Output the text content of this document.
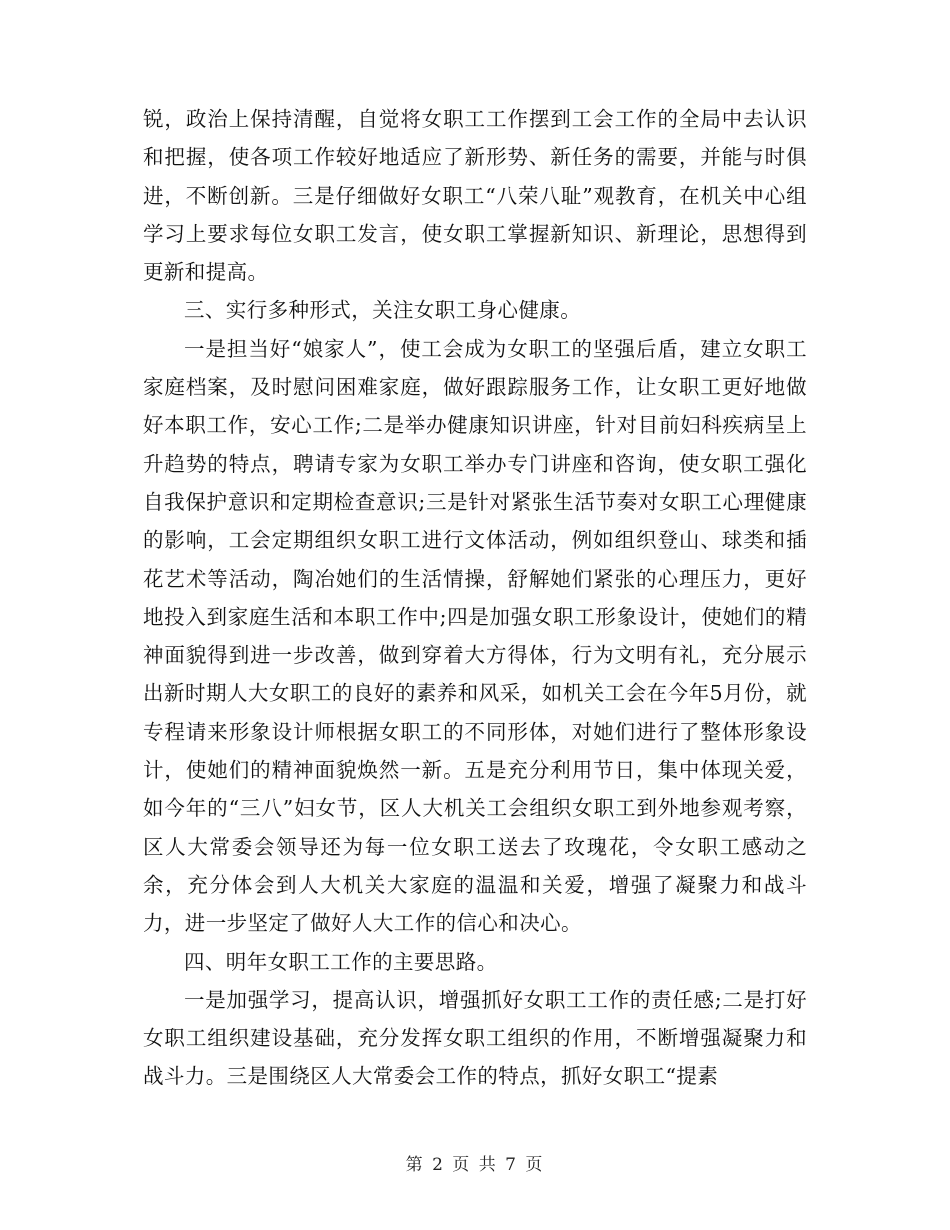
锐，政治上保持清醒，自觉将女职工工作摆到工会工作的全局中去认识和把握，使各项工作较好地适应了新形势、新任务的需要，并能与时俱进，不断创新。三是仔细做好女职工“八荣八耻”观教育，在机关中心组学习上要求每位女职工发言，使女职工掌握新知识、新理论，思想得到更新和提高。

三、实行多种形式，关注女职工身心健康。

一是担当好“娘家人”，使工会成为女职工的坚强后盾，建立女职工家庭档案，及时慰问困难家庭，做好跟踪服务工作，让女职工更好地做好本职工作，安心工作;二是举办健康知识讲座，针对目前妇科疾病呈上升趋势的特点，聘请专家为女职工举办专门讲座和咨询，使女职工强化自我保护意识和定期检查意识;三是针对紧张生活节奏对女职工心理健康的影响，工会定期组织女职工进行文体活动，例如组织登山、球类和插花艺术等活动，陶冶她们的生活情操，舒解她们紧张的心理压力，更好地投入到家庭生活和本职工作中;四是加强女职工形象设计，使她们的精神面貌得到进一步改善，做到穿着大方得体，行为文明有礼，充分展示出新时期人大女职工的良好的素养和风采，如机关工会在今年5月份，就专程请来形象设计师根据女职工的不同形体，对她们进行了整体形象设计，使她们的精神面貌焕然一新。五是充分利用节日，集中体现关爱，如今年的“三八”妇女节，区人大机关工会组织女职工到外地参观考察，区人大常委会领导还为每一位女职工送去了玫瑰花，令女职工感动之余，充分体会到人大机关大家庭的温温和关爱，增强了凝聚力和战斗力，进一步坚定了做好人大工作的信心和决心。

四、明年女职工工作的主要思路。

一是加强学习，提高认识，增强抓好女职工工作的责任感;二是打好女职工组织建设基础，充分发挥女职工组织的作用，不断增强凝聚力和战斗力。三是围绕区人大常委会工作的特点，抓好女职工“提素

第 2 页 共 7 页
